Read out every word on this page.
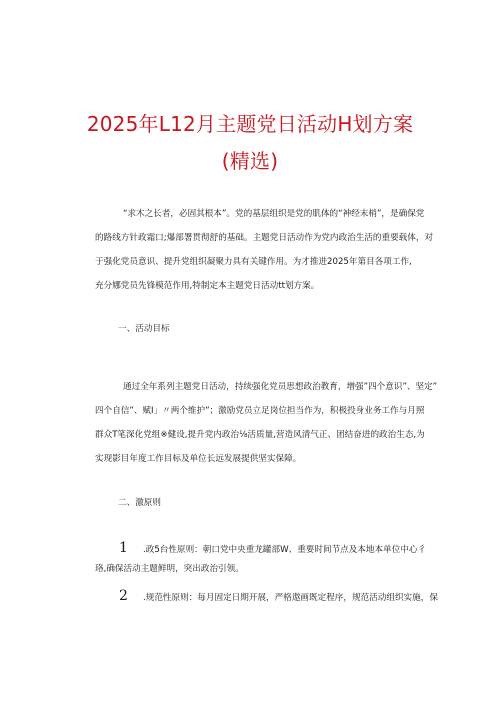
2025年L12月主题党日活动H划方案
(精选)
“求木之长者，必固其根本”。党的基层组织是党的肌体的“神经末梢”，是确保党
的路线方针政霜口;爆部署贯彻舒的基础。主题党日活动作为党内政治生活的重要载体，对
于强化党员意识、提升党组织凝聚力具有关键作用。为才推进2025年第目各项工作,
充分娜党员先锋模范作用,特制定本主题党日活动tt划方案。
一、活动目标
通过全年系列主题党日活动，持续强化党员思想政治教育，增强”四个意识”、坚定”
四个自信”、赋I」〃两个维护”；激励党员立足岗位担当作为，积极投身业务工作与月照
群众T笔深化党组※健设,提升党内政治⅛活质量,营造风清气正、团结奋进的政治生态,为
实现影目年度工作目标及单位长远发展提供坚实保障。
二、激原则
1	.政5台性原则：朝口党中央重龙罐部W、重要时间节点及本地本单位中心彳
珞,确保活动主题鲜明，突出政治引领。
2	.规范性原则：每月固定日期开展，严格遨画既定程序，规范活动组织实施，保
